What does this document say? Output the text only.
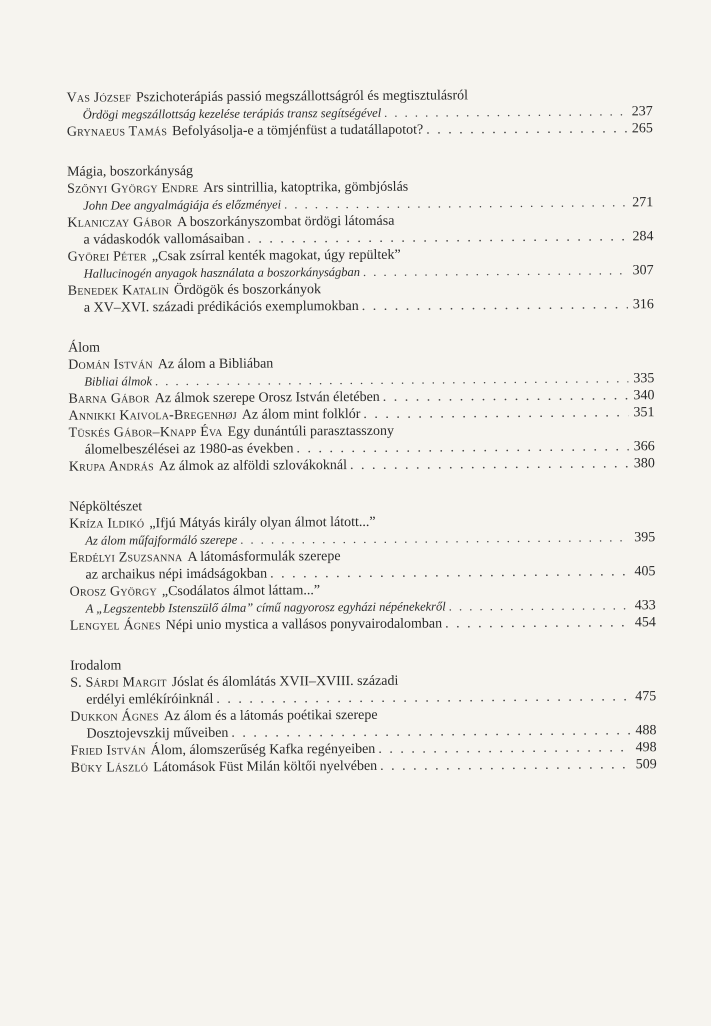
Vas József Pszichoterápiás passió megszállottságról és megtisztulásról
Ördögi megszállottság kezelése terápiás transz segítségével . . .	237
Grynaeus Tamás Befolyásolja-e a tömjénfüst a tudatállapotot? . . .	265
Mágia, boszorkányság
Szőnyi György Endre Ars sintrillia, katoptrika, gömbjóslás
John Dee angyalmágiája és előzményei . . .	271
Klaniczay Gábor A boszorkányszombat ördögi látomása
a vádaskodók vallomásaiban . . .	284
Györei Péter „Csak zsírral kenték magokat, úgy repültek”
Hallucinogén anyagok használata a boszorkányságban . . .	307
Benedek Katalin Ördögök és boszorkányok
a XV–XVI. századi prédikációs exemplumokban . . .	316
Álom
Domán István Az álom a Bibliában
Bibliai álmok . . .	335
Barna Gábor Az álmok szerepe Orosz István életében . . .	340
Annikki Kaivola-Bregenhøj Az álom mint folklór . . .	351
Tüskés Gábor–Knapp Éva Egy dunántúli parasztasszony
álomelbeszélései az 1980-as években . . .	366
Krupa András Az álmok az alföldi szlovákoknál . . .	380
Népköltészet
Kríza Ildikó „Ifjú Mátyás király olyan álmot látott...”
Az álom műfajformáló szerepe . . .	395
Erdélyi Zsuzsanna A látomásformulák szerepe
az archaikus népi imádságokban . . .	405
Orosz György „Csodálatos álmot láttam...”
A „Legszentebb Istenszülő álma” című nagyorosz egyházi népénekekről . . .	433
Lengyel Ágnes Népi unio mystica a vallásos ponyvairodalomban . . .	454
Irodalom
S. Sárdi Margit Jóslat és álomlátás XVII–XVIII. századi
erdélyi emlékíróinknál . . .	475
Dukkon Ágnes Az álom és a látomás poétikai szerepe
Dosztojevszkij műveiben . . .	488
Fried István Álom, álomszerűség Kafka regényeiben . . .	498
Büky László Látomások Füst Milán költői nyelvében . . .	509
